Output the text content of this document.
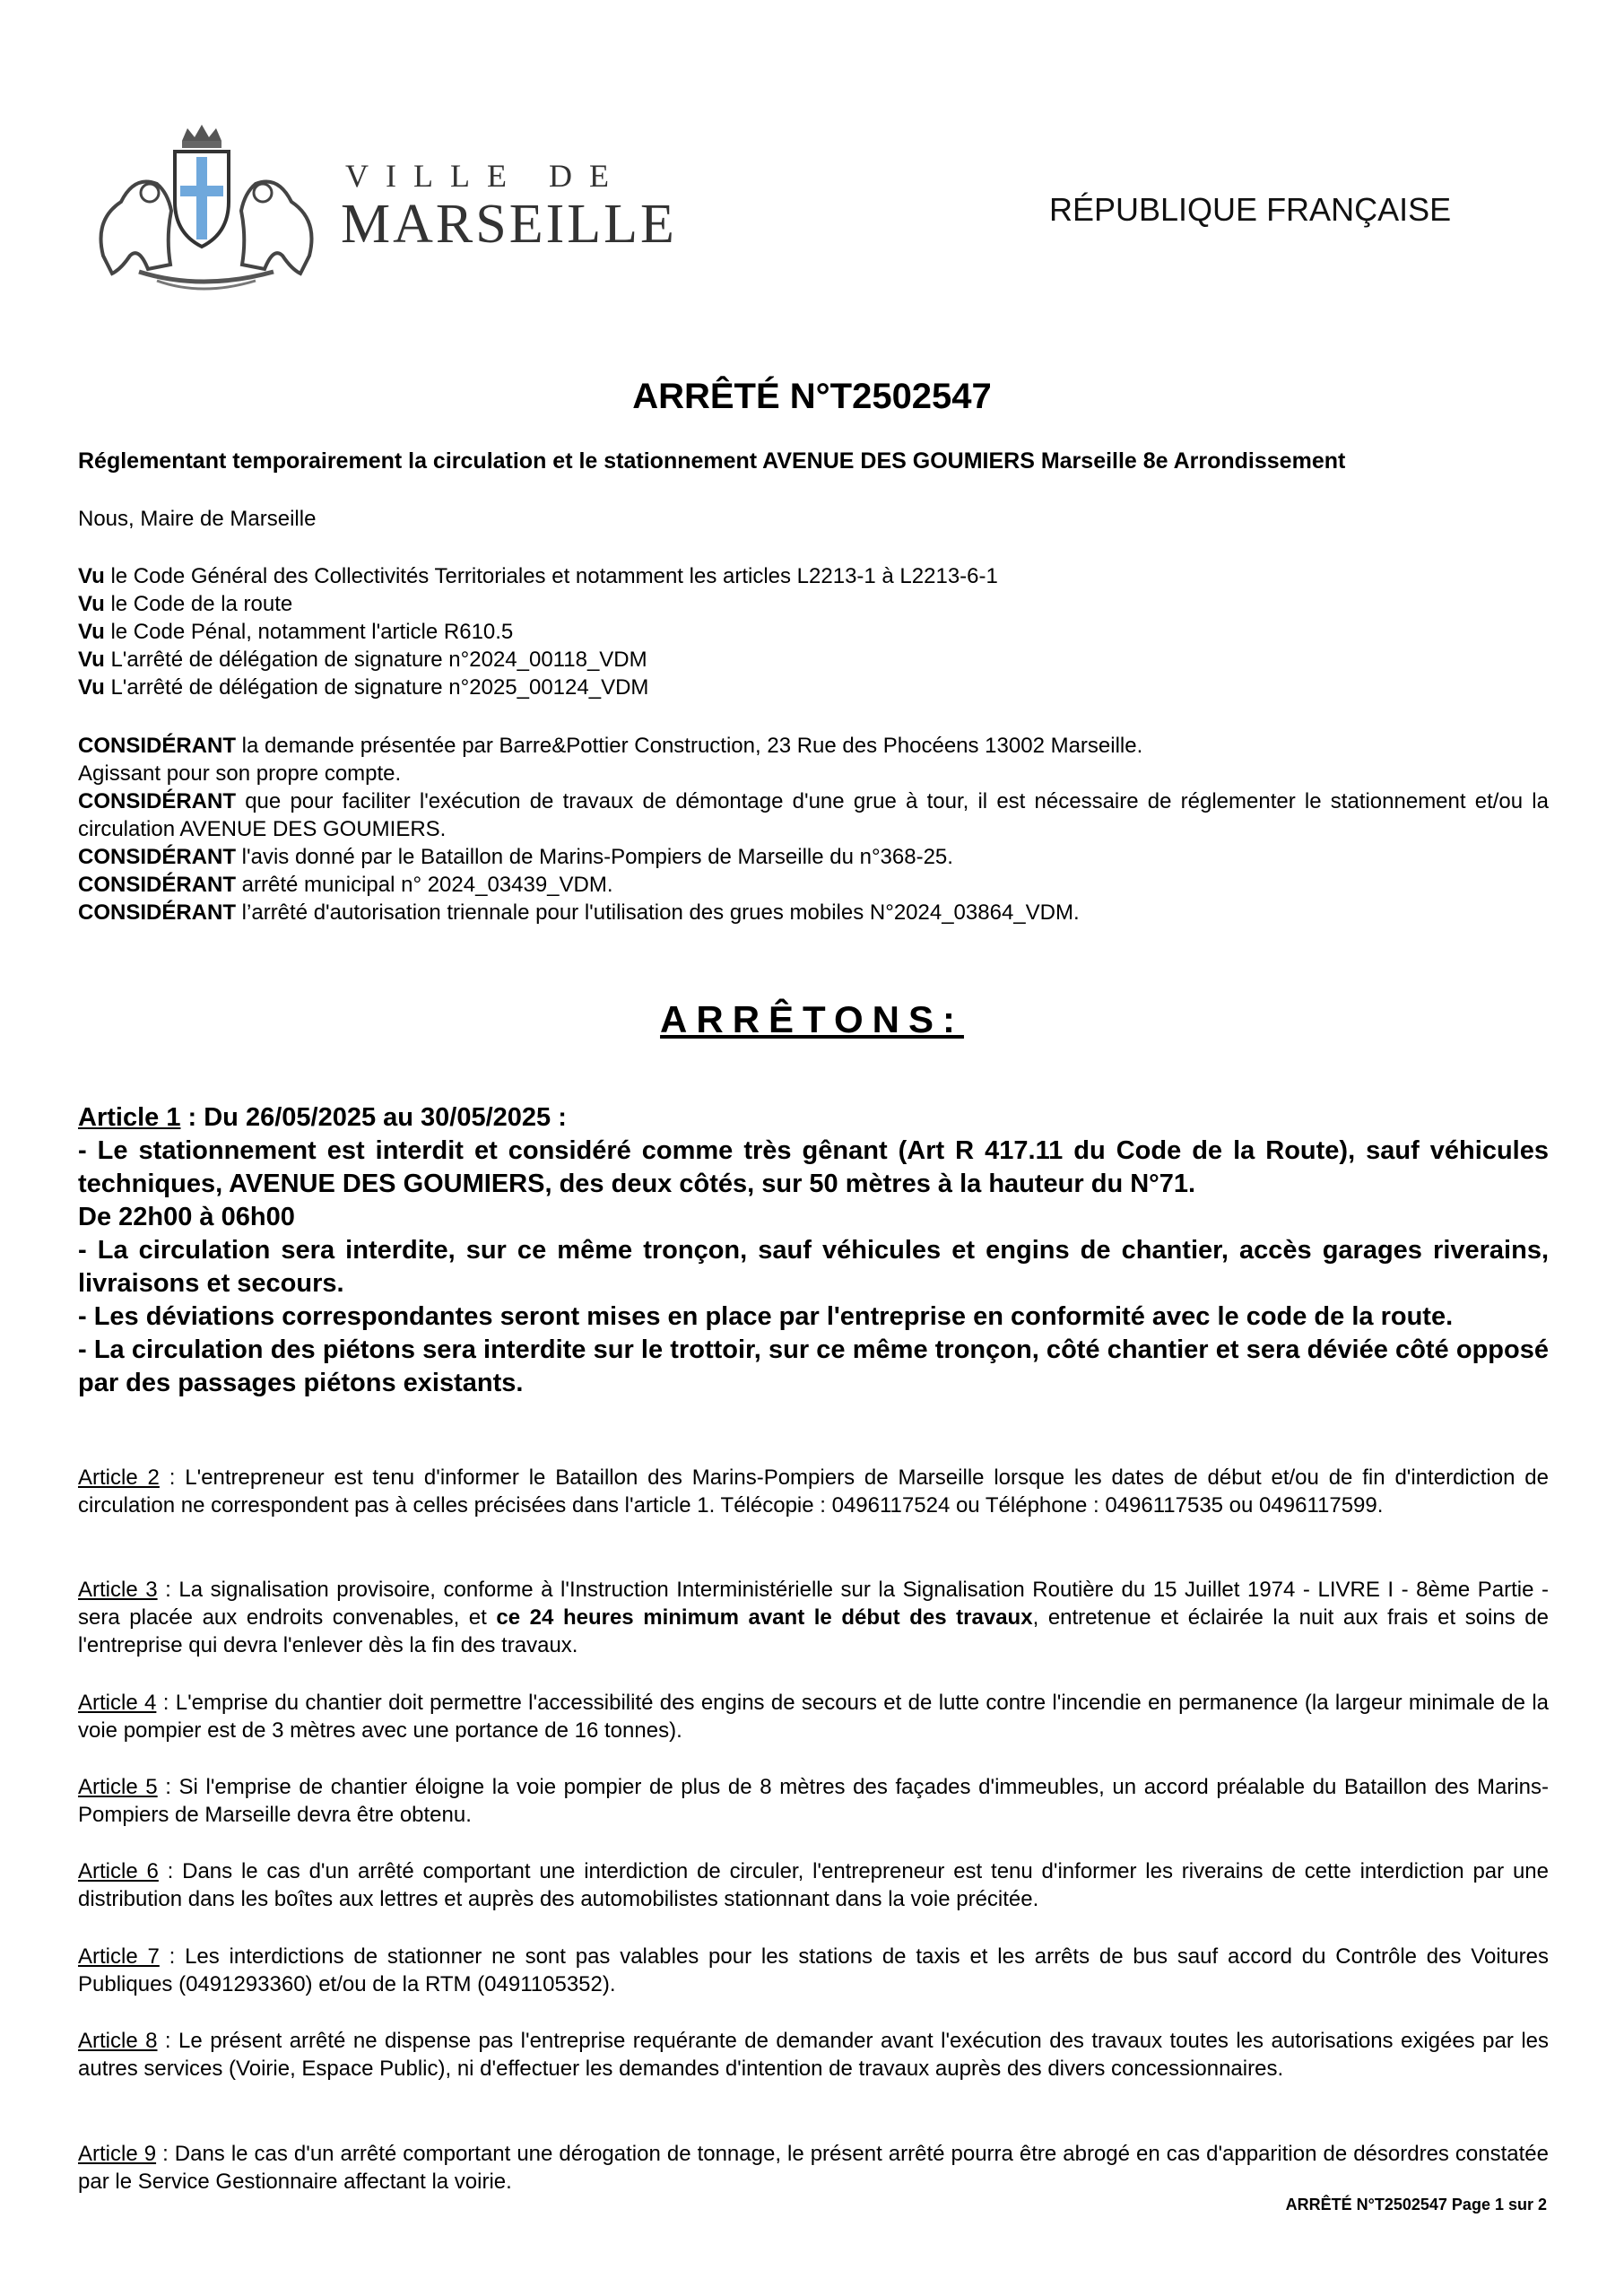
VILLE DE
MARSEILLE	RÉPUBLIQUE FRANÇAISE
ARRÊTÉ N°T2502547
Réglementant temporairement la circulation et le stationnement AVENUE DES GOUMIERS Marseille 8e Arrondissement
Nous, Maire de Marseille
Vu le Code Général des Collectivités Territoriales et notamment les articles L2213-1 à L2213-6-1
Vu le Code de la route
Vu le Code Pénal, notamment l'article R610.5
Vu L'arrêté de délégation de signature n°2024_00118_VDM
Vu L'arrêté de délégation de signature n°2025_00124_VDM
CONSIDÉRANT la demande présentée par Barre&Pottier Construction, 23 Rue des Phocéens 13002 Marseille.
Agissant pour son propre compte.
CONSIDÉRANT que pour faciliter l'exécution de travaux de démontage d'une grue à tour, il est nécessaire de réglementer le stationnement et/ou la circulation AVENUE DES GOUMIERS.
CONSIDÉRANT l'avis donné par le Bataillon de Marins-Pompiers de Marseille du n°368-25.
CONSIDÉRANT arrêté municipal n° 2024_03439_VDM.
CONSIDÉRANT l’arrêté d'autorisation triennale pour l'utilisation des grues mobiles N°2024_03864_VDM.
ARRÊTONS:
Article 1 : Du 26/05/2025 au 30/05/2025 :
- Le stationnement est interdit et considéré comme très gênant (Art R 417.11 du Code de la Route), sauf véhicules techniques, AVENUE DES GOUMIERS, des deux côtés, sur 50 mètres à la hauteur du N°71.
De 22h00 à 06h00
- La circulation sera interdite, sur ce même tronçon, sauf véhicules et engins de chantier, accès garages riverains, livraisons et secours.
- Les déviations correspondantes seront mises en place par l'entreprise en conformité avec le code de la route.
- La circulation des piétons sera interdite sur le trottoir, sur ce même tronçon, côté chantier et sera déviée côté opposé par des passages piétons existants.
Article 2 : L'entrepreneur est tenu d'informer le Bataillon des Marins-Pompiers de Marseille lorsque les dates de début et/ou de fin d'interdiction de circulation ne correspondent pas à celles précisées dans l'article 1. Télécopie : 0496117524 ou Téléphone : 0496117535 ou 0496117599.
Article 3 : La signalisation provisoire, conforme à l'Instruction Interministérielle sur la Signalisation Routière du 15 Juillet 1974 - LIVRE I - 8ème Partie - sera placée aux endroits convenables, et ce 24 heures minimum avant le début des travaux, entretenue et éclairée la nuit aux frais et soins de l'entreprise qui devra l'enlever dès la fin des travaux.
Article 4 : L'emprise du chantier doit permettre l'accessibilité des engins de secours et de lutte contre l'incendie en permanence (la largeur minimale de la voie pompier est de 3 mètres avec une portance de 16 tonnes).
Article 5 : Si l'emprise de chantier éloigne la voie pompier de plus de 8 mètres des façades d'immeubles, un accord préalable du Bataillon des Marins-Pompiers de Marseille devra être obtenu.
Article 6 : Dans le cas d'un arrêté comportant une interdiction de circuler, l'entrepreneur est tenu d'informer les riverains de cette interdiction par une distribution dans les boîtes aux lettres et auprès des automobilistes stationnant dans la voie précitée.
Article 7 : Les interdictions de stationner ne sont pas valables pour les stations de taxis et les arrêts de bus sauf accord du Contrôle des Voitures Publiques (0491293360) et/ou de la RTM (0491105352).
Article 8 : Le présent arrêté ne dispense pas l'entreprise requérante de demander avant l'exécution des travaux toutes les autorisations exigées par les autres services (Voirie, Espace Public), ni d'effectuer les demandes d'intention de travaux auprès des divers concessionnaires.
Article 9 : Dans le cas d'un arrêté comportant une dérogation de tonnage, le présent arrêté pourra être abrogé en cas d'apparition de désordres constatée par le Service Gestionnaire affectant la voirie.
ARRÊTÉ N°T2502547 Page 1 sur 2
